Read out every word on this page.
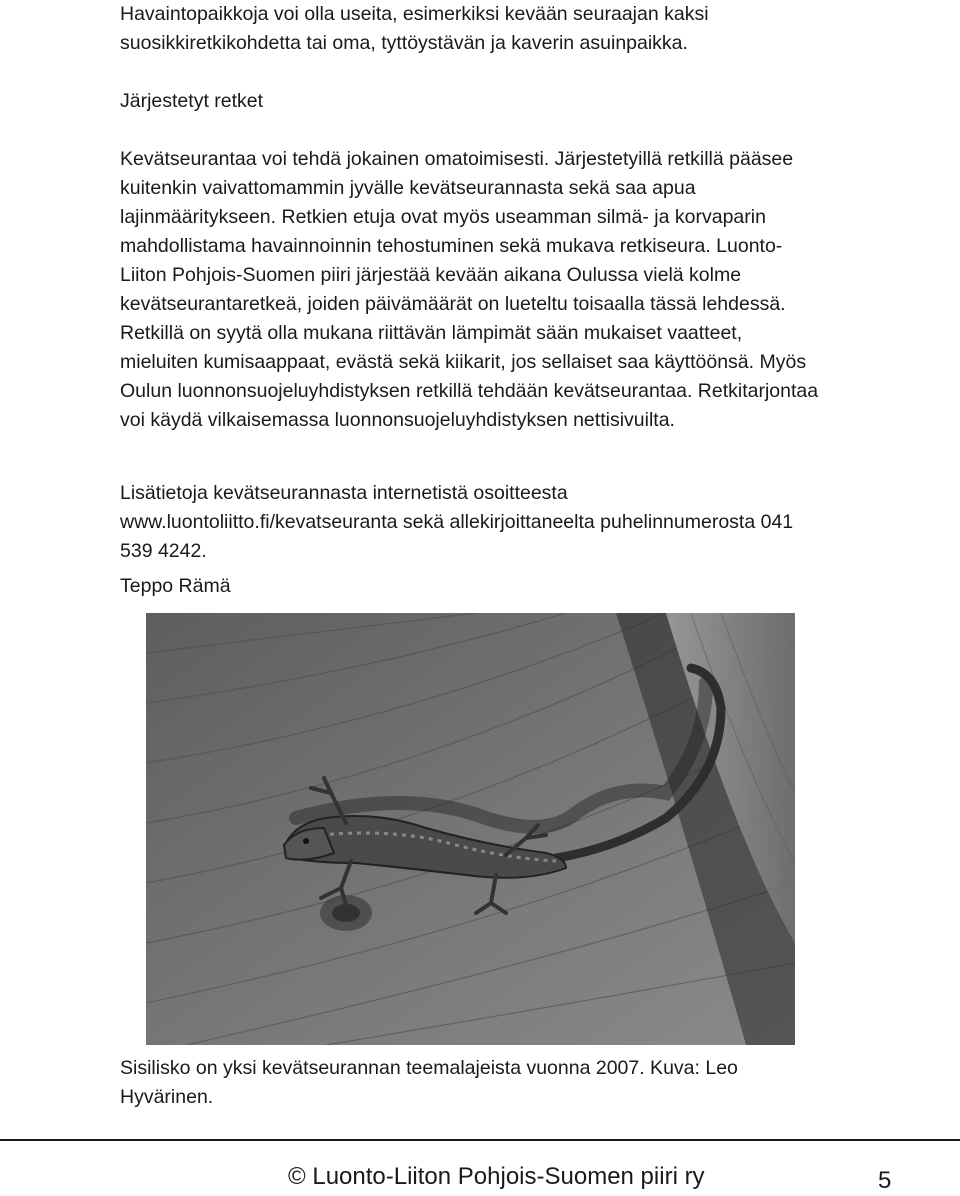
Havaintopaikkoja voi olla useita, esimerkiksi kevään seuraajan kaksi suosikkiretkikohdetta tai oma, tyttöystävän ja kaverin asuinpaikka.

Järjestetyt retket

Kevätseurantaa voi tehdä jokainen omatoimisesti. Järjestetyillä retkillä pääsee kuitenkin vaivattomammin jyvälle kevätseurannasta sekä saa apua lajinmääritykseen. Retkien etuja ovat myös useamman silmä- ja korvaparin mahdollistama havainnoinnin tehostuminen sekä mukava retkiseura. Luonto-Liiton Pohjois-Suomen piiri järjestää kevään aikana Oulussa vielä kolme kevätseurantaretkeä, joiden päivämäärät on lueteltu toisaalla tässä lehdessä. Retkillä on syytä olla mukana riittävän lämpimät sään mukaiset vaatteet, mieluiten kumisaappaat, evästä sekä kiikarit, jos sellaiset saa käyttöönsä. Myös Oulun luonnonsuojeluyhdistyksen retkillä tehdään kevätseurantaa. Retkitarjontaa voi käydä vilkaisemassa luonnonsuojeluyhdistyksen nettisivuilta.

Lisätietoja kevätseurannasta internetistä osoitteesta www.luontoliitto.fi/kevatseuranta sekä allekirjoittaneelta puhelinnumerosta 041 539 4242.

Teppo Rämä

Sisilisko on yksi kevätseurannan teemalajeista vuonna 2007. Kuva: Leo Hyvärinen.

© Luonto-Liiton Pohjois-Suomen piiri ry	5
